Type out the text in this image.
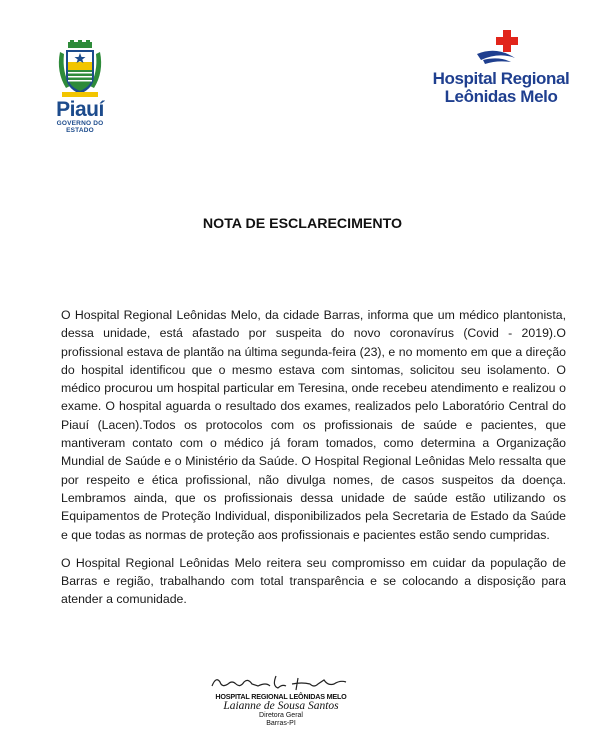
Piauí
GOVERNO DO ESTADO
Hospital Regional
Leônidas Melo
NOTA DE ESCLARECIMENTO

O Hospital Regional Leônidas Melo, da cidade Barras, informa que um médico plantonista, dessa unidade, está afastado por suspeita do novo coronavírus (Covid - 2019).O profissional estava de plantão na última segunda-feira (23), e no momento em que a direção do hospital identificou que o mesmo estava com sintomas, solicitou seu isolamento. O médico procurou um hospital particular em Teresina, onde recebeu atendimento e realizou o exame. O hospital aguarda o resultado dos exames, realizados pelo Laboratório Central do Piauí (Lacen).Todos os protocolos com os profissionais de saúde e pacientes, que mantiveram contato com o médico já foram tomados, como determina a Organização Mundial de Saúde e o Ministério da Saúde. O Hospital Regional Leônidas Melo ressalta que por respeito e ética profissional, não divulga nomes, de casos suspeitos da doença. Lembramos ainda, que os profissionais dessa unidade de saúde estão utilizando os Equipamentos de Proteção Individual, disponibilizados pela Secretaria de Estado da Saúde e que todas as normas de proteção aos profissionais e pacientes estão sendo cumpridas.

O Hospital Regional Leônidas Melo reitera seu compromisso em cuidar da população de Barras e região, trabalhando com total transparência e se colocando a disposição para atender a comunidade.

HOSPITAL REGIONAL LEÔNIDAS MELO
Laianne de Sousa Santos
Diretora Geral
Barras-PI
